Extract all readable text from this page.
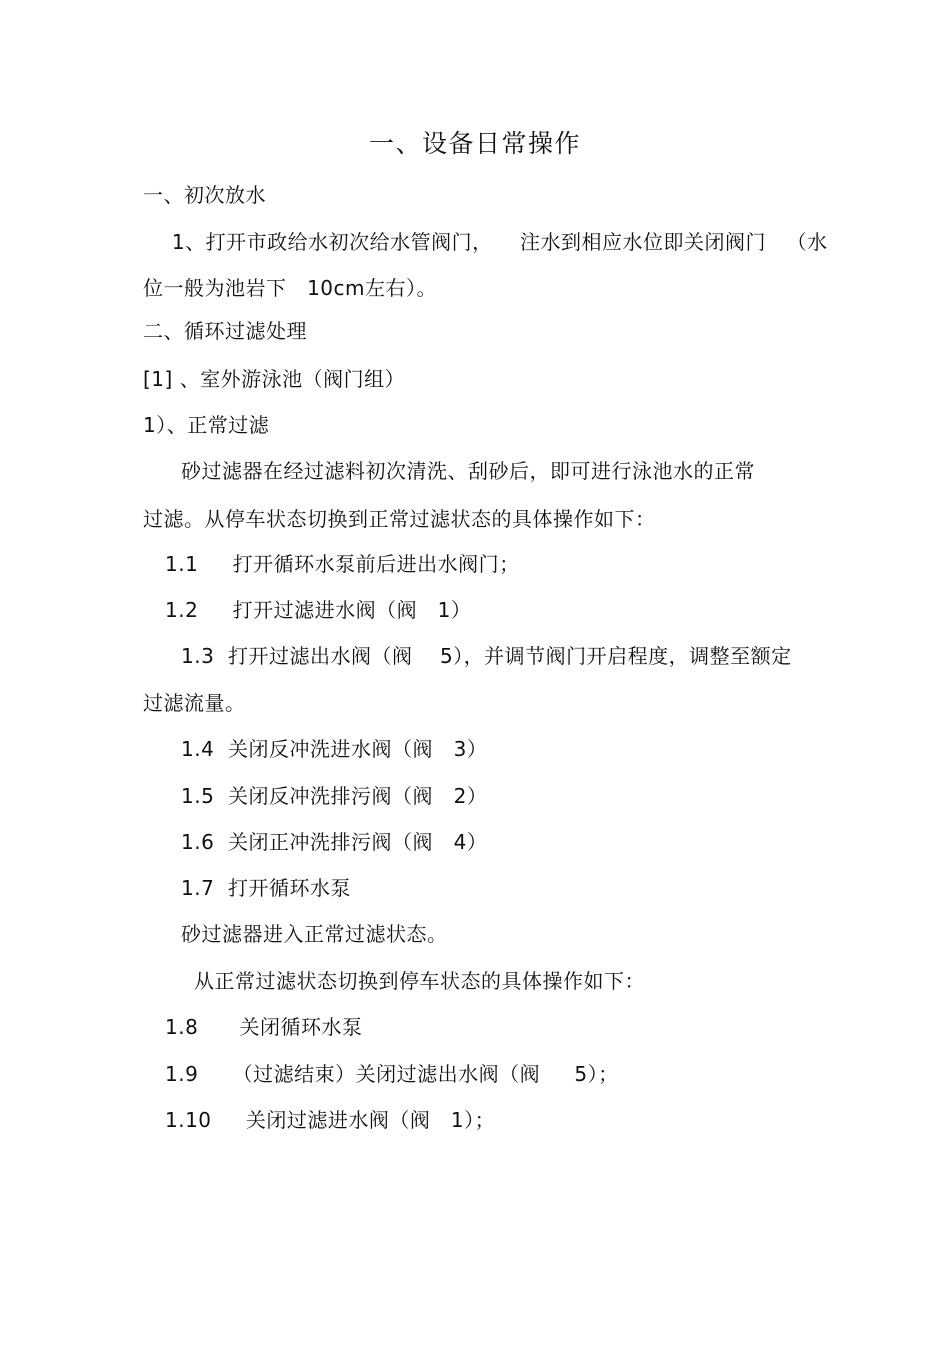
一、设备日常操作
一、初次放水
1、打开市政给水初次给水管阀门，    注水到相应水位即关闭阀门   （水
位一般为池岩下   10cm左右）。
二、循环过滤处理
[1] 、室外游泳池（阀门组）
1）、正常过滤
砂过滤器在经过滤料初次清洗、刮砂后，即可进行泳池水的正常
过滤。从停车状态切换到正常过滤状态的具体操作如下：
1.1     打开循环水泵前后进出水阀门；
1.2     打开过滤进水阀（阀   1）
1.3  打开过滤出水阀（阀    5），并调节阀门开启程度，调整至额定
过滤流量。
1.4  关闭反冲洗进水阀（阀   3）
1.5  关闭反冲洗排污阀（阀   2）
1.6  关闭正冲洗排污阀（阀   4）
1.7  打开循环水泵
砂过滤器进入正常过滤状态。
从正常过滤状态切换到停车状态的具体操作如下：
1.8      关闭循环水泵
1.9     （过滤结束）关闭过滤出水阀（阀     5）；
1.10     关闭过滤进水阀（阀   1）；
